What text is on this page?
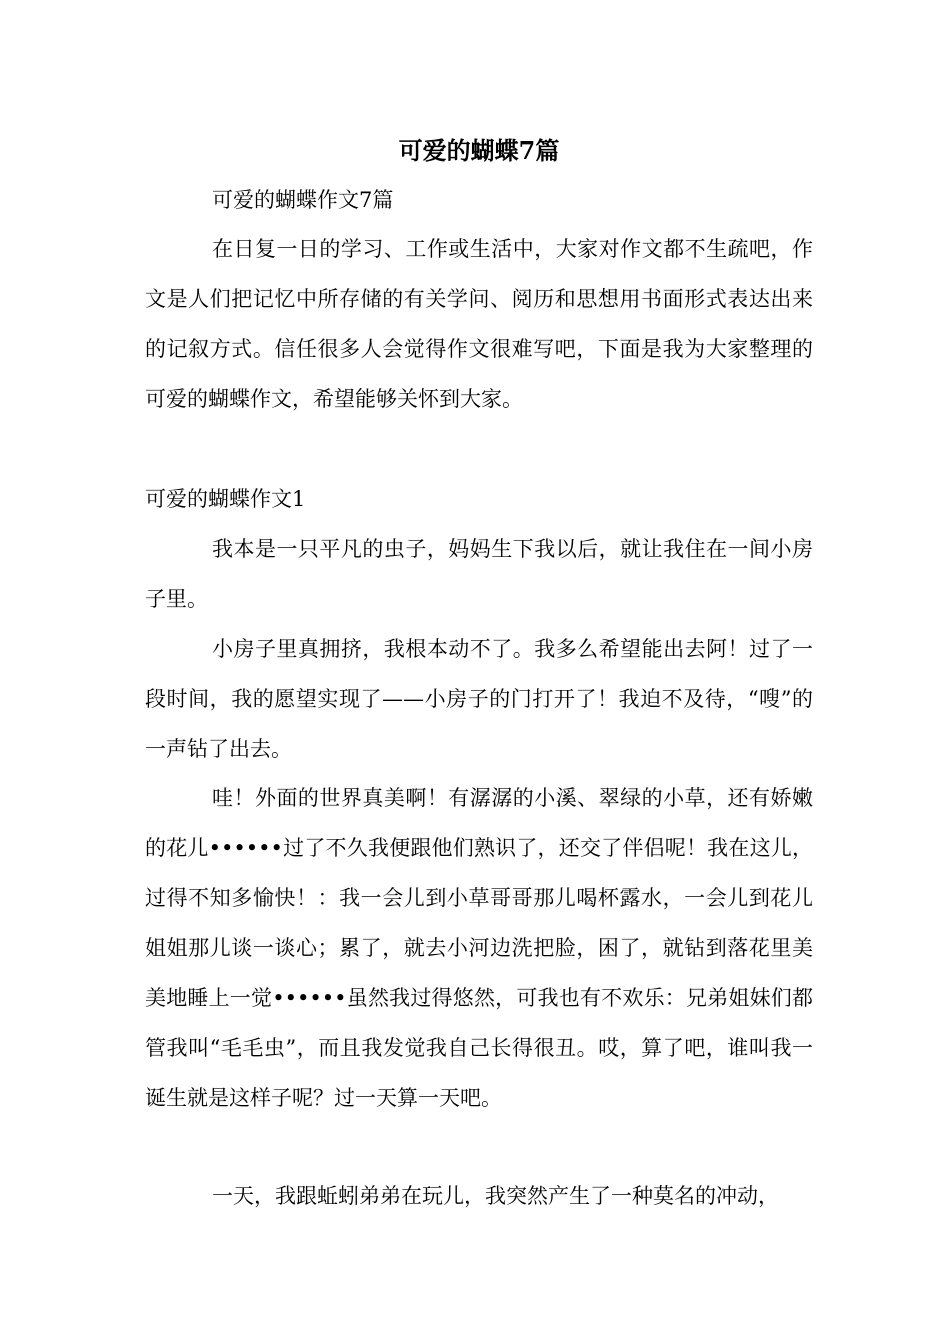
可爱的蝴蝶7篇

可爱的蝴蝶作文7篇

在日复一日的学习、工作或生活中，大家对作文都不生疏吧，作文是人们把记忆中所存储的有关学问、阅历和思想用书面形式表达出来的记叙方式。信任很多人会觉得作文很难写吧，下面是我为大家整理的可爱的蝴蝶作文，希望能够关怀到大家。

可爱的蝴蝶作文1

我本是一只平凡的虫子，妈妈生下我以后，就让我住在一间小房子里。

小房子里真拥挤，我根本动不了。我多么希望能出去阿！过了一段时间，我的愿望实现了——小房子的门打开了！我迫不及待，“嗖”的一声钻了出去。

哇！外面的世界真美啊！有潺潺的小溪、翠绿的小草，还有娇嫩的花儿••••••过了不久我便跟他们熟识了，还交了伴侣呢！我在这儿，过得不知多愉快！：我一会儿到小草哥哥那儿喝杯露水，一会儿到花儿姐姐那儿谈一谈心；累了，就去小河边洗把脸，困了，就钻到落花里美美地睡上一觉••••••虽然我过得悠然，可我也有不欢乐：兄弟姐妹们都管我叫“毛毛虫”，而且我发觉我自己长得很丑。哎，算了吧，谁叫我一诞生就是这样子呢？过一天算一天吧。

一天，我跟蚯蚓弟弟在玩儿，我突然产生了一种莫名的冲动，
